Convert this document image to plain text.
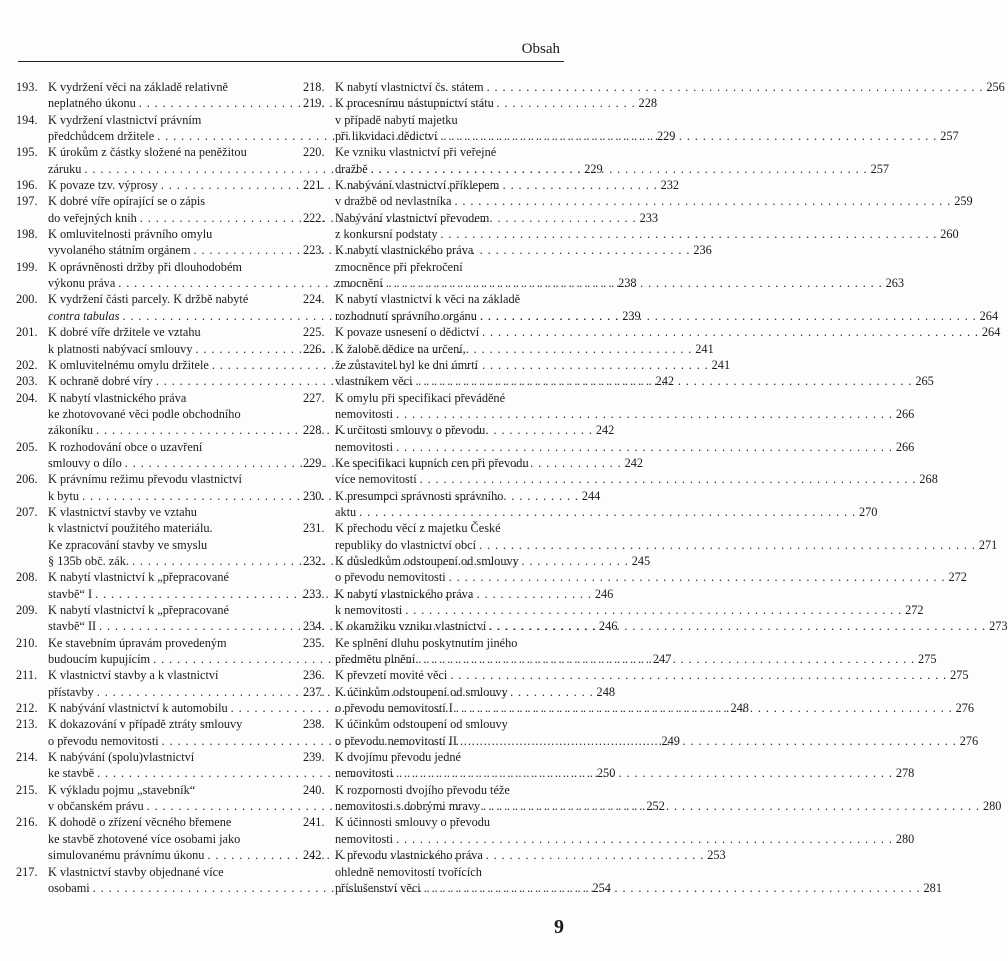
Obsah
193. K vydržení věci na základě relativně
neplatného úkonu . . .	228
194. K vydržení vlastnictví právním
předchůdcem držitele . . .	229
195. K úrokům z částky složené na peněžitou
záruku . . .	229
196. K povaze tzv. výprosy . . .	232
197. K dobré víře opírající se o zápis
do veřejných knih . . .	233
198. K omluvitelnosti právního omylu
vyvolaného státním orgánem . . .	236
199. K oprávněnosti držby při dlouhodobém
výkonu práva . . .	238
200. K vydržení části parcely. K držbě nabyté
contra tabulas . . .	239
201. K dobré víře držitele ve vztahu
k platnosti nabývací smlouvy . . .	241
202. K omluvitelnému omylu držitele . . .	241
203. K ochraně dobré víry . . .	242
204. K nabytí vlastnického práva
ke zhotovované věci podle obchodního
zákoníku . . .	242
205. K rozhodování obce o uzavření
smlouvy o dílo . . .	242
206. K právnímu režimu převodu vlastnictví
k bytu . . .	244
207. K vlastnictví stavby ve vztahu
k vlastnictví použitého materiálu.
Ke zpracování stavby ve smyslu
§ 135b obč. zák. . . .	245
208. K nabytí vlastnictví k „přepracované
stavbě“ I . . .	246
209. K nabytí vlastnictví k „přepracované
stavbě“ II . . .	246
210. Ke stavebním úpravám provedeným
budoucím kupujícím . . .	247
211. K vlastnictví stavby a k vlastnictví
přístavby . . .	248
212. K nabývání vlastnictví k automobilu . . .	248
213. K dokazování v případě ztráty smlouvy
o převodu nemovitosti . . .	249
214. K nabývání (spolu)vlastnictví
ke stavbě . . .	250
215. K výkladu pojmu „stavebník“
v občanském právu . . .	252
216. K dohodě o zřízení věcného břemene
ke stavbě zhotovené více osobami jako
simulovanému právnímu úkonu . . .	253
217. K vlastnictví stavby objednané více
osobami . . .	254
218. K nabytí vlastnictví čs. státem . . .	256
219. K procesnímu nástupnictví státu
v případě nabytí majetku
při likvidaci dědictví . . .	257
220. Ke vzniku vlastnictví při veřejné
dražbě . . .	257
221. K nabývání vlastnictví příklepem
v dražbě od nevlastníka . . .	259
222. Nabývání vlastnictví převodem
z konkursní podstaty . . .	260
223. K nabytí vlastnického práva
zmocněnce při překročení
zmocnění . . .	263
224. K nabytí vlastnictví k věci na základě
rozhodnutí správního orgánu . . .	264
225. K povaze usnesení o dědictví . . .	264
226. K žalobě dědice na určení,
že zůstavitel byl ke dni úmrtí
vlastníkem věci . . .	265
227. K omylu při specifikaci převáděné
nemovitosti . . .	266
228. K určitosti smlouvy o převodu
nemovitosti . . .	266
229. Ke specifikaci kupních cen při převodu
více nemovitostí . . .	268
230. K presumpci správnosti správního
aktu . . .	270
231. K přechodu věcí z majetku České
republiky do vlastnictví obcí . . .	271
232. K důsledkům odstoupení od smlouvy
o převodu nemovitosti . . .	272
233. K nabytí vlastnického práva
k nemovitosti . . .	272
234. K okamžiku vzniku vlastnictví . . .	273
235. Ke splnění dluhu poskytnutím jiného
předmětu plnění . . .	275
236. K převzetí movité věci . . .	275
237. K účinkům odstoupení od smlouvy
o převodu nemovitostí I . . .	276
238. K účinkům odstoupení od smlouvy
o převodu nemovitostí II . . .	276
239. K dvojímu převodu jedné
nemovitosti . . .	278
240. K rozpornosti dvojího převodu téže
nemovitosti s dobrými mravy . . .	280
241. K účinnosti smlouvy o převodu
nemovitosti . . .	280
242. K převodu vlastnického práva
ohledně nemovitostí tvořících
příslušenství věci . . .	281
9
